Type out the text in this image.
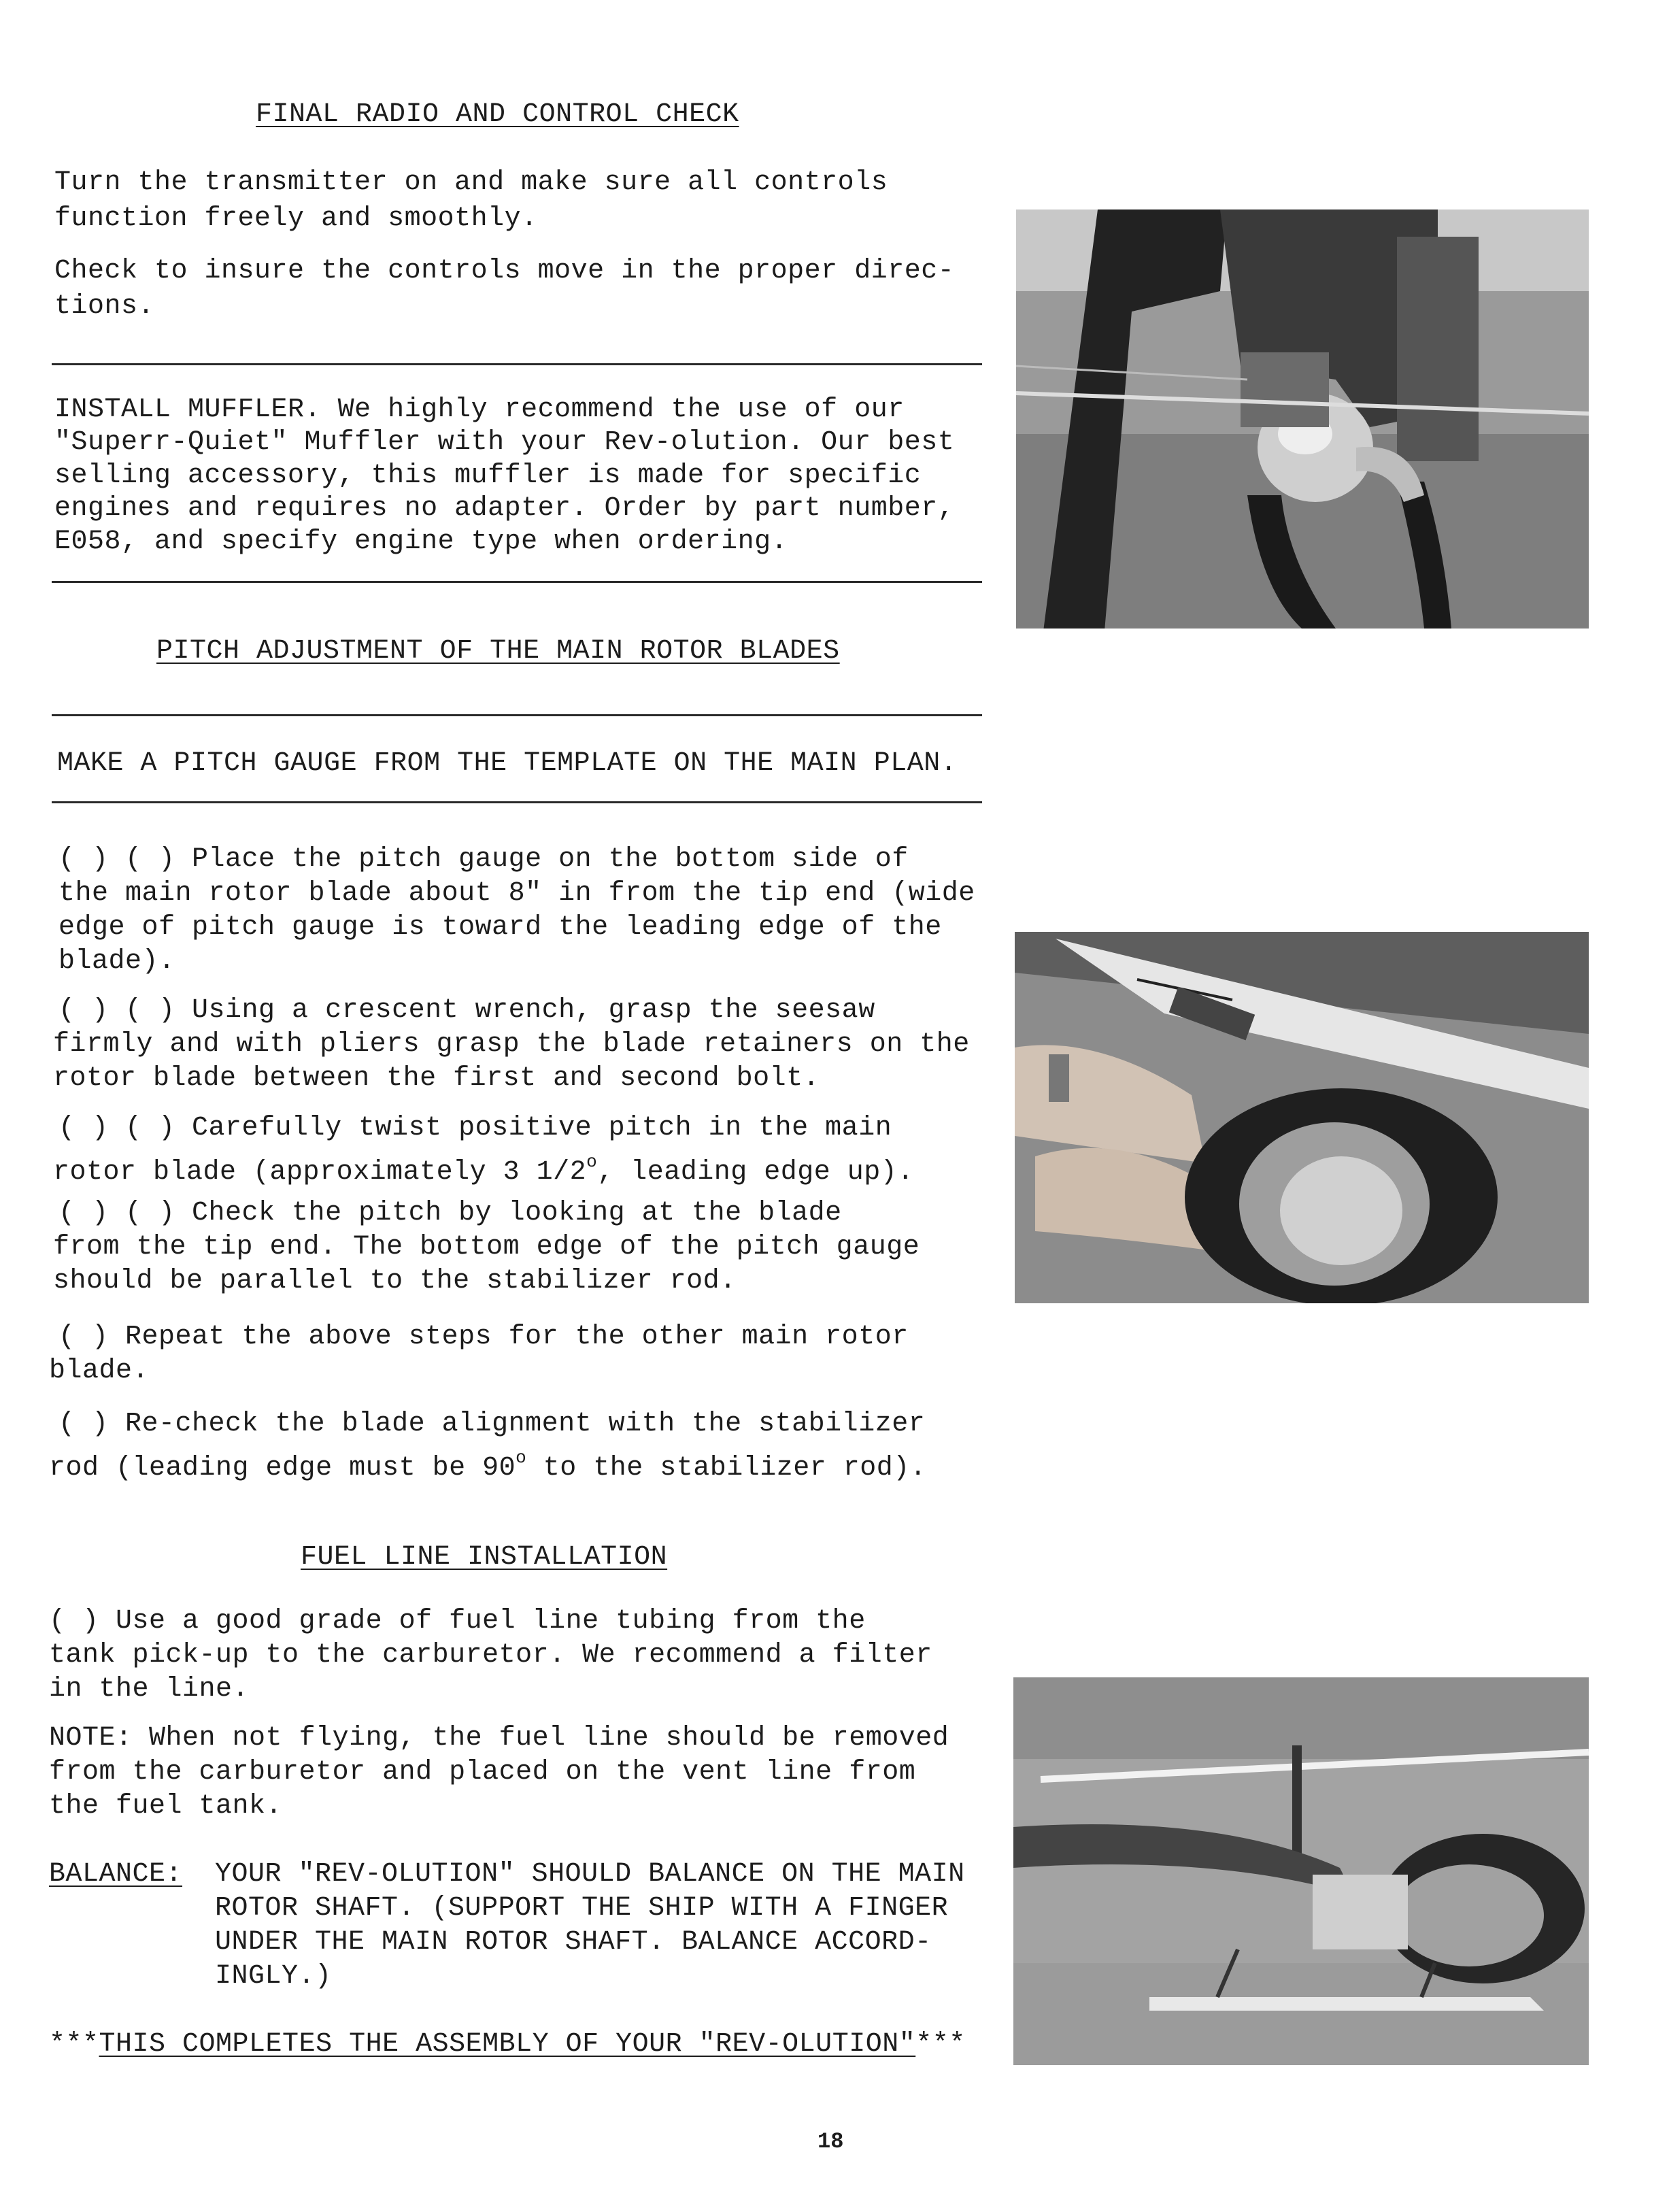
FINAL RADIO AND CONTROL CHECK
Turn the transmitter on and make sure all controls
function freely and smoothly.
Check to insure the controls move in the proper direc-
tions.
INSTALL MUFFLER. We highly recommend the use of our
"Superr-Quiet" Muffler with your Rev-olution. Our best
selling accessory, this muffler is made for specific
engines and requires no adapter. Order by part number,
E058, and specify engine type when ordering.
PITCH ADJUSTMENT OF THE MAIN ROTOR BLADES
MAKE A PITCH GAUGE FROM THE TEMPLATE ON THE MAIN PLAN.
( ) ( ) Place the pitch gauge on the bottom side of
the main rotor blade about 8" in from the tip end (wide
edge of pitch gauge is toward the leading edge of the
blade).
( ) ( ) Using a crescent wrench, grasp the seesaw
firmly and with pliers grasp the blade retainers on the
rotor blade between the first and second bolt.
( ) ( ) Carefully twist positive pitch in the main
rotor blade (approximately 3 1/2$^o$, leading edge up).
( ) ( ) Check the pitch by looking at the blade
from the tip end. The bottom edge of the pitch gauge
should be parallel to the stabilizer rod.
( ) Repeat the above steps for the other main rotor
blade.
( ) Re-check the blade alignment with the stabilizer
rod (leading edge must be 90$^o$ to the stabilizer rod).
FUEL LINE INSTALLATION
( ) Use a good grade of fuel line tubing from the
tank pick-up to the carburetor. We recommend a filter
in the line.
NOTE: When not flying, the fuel line should be removed
from the carburetor and placed on the vent line from
the fuel tank.
BALANCE: YOUR "REV-OLUTION" SHOULD BALANCE ON THE MAIN
ROTOR SHAFT. (SUPPORT THE SHIP WITH A FINGER
UNDER THE MAIN ROTOR SHAFT. BALANCE ACCORD-
INGLY.)
***THIS COMPLETES THE ASSEMBLY OF YOUR "REV-OLUTION"***
18
